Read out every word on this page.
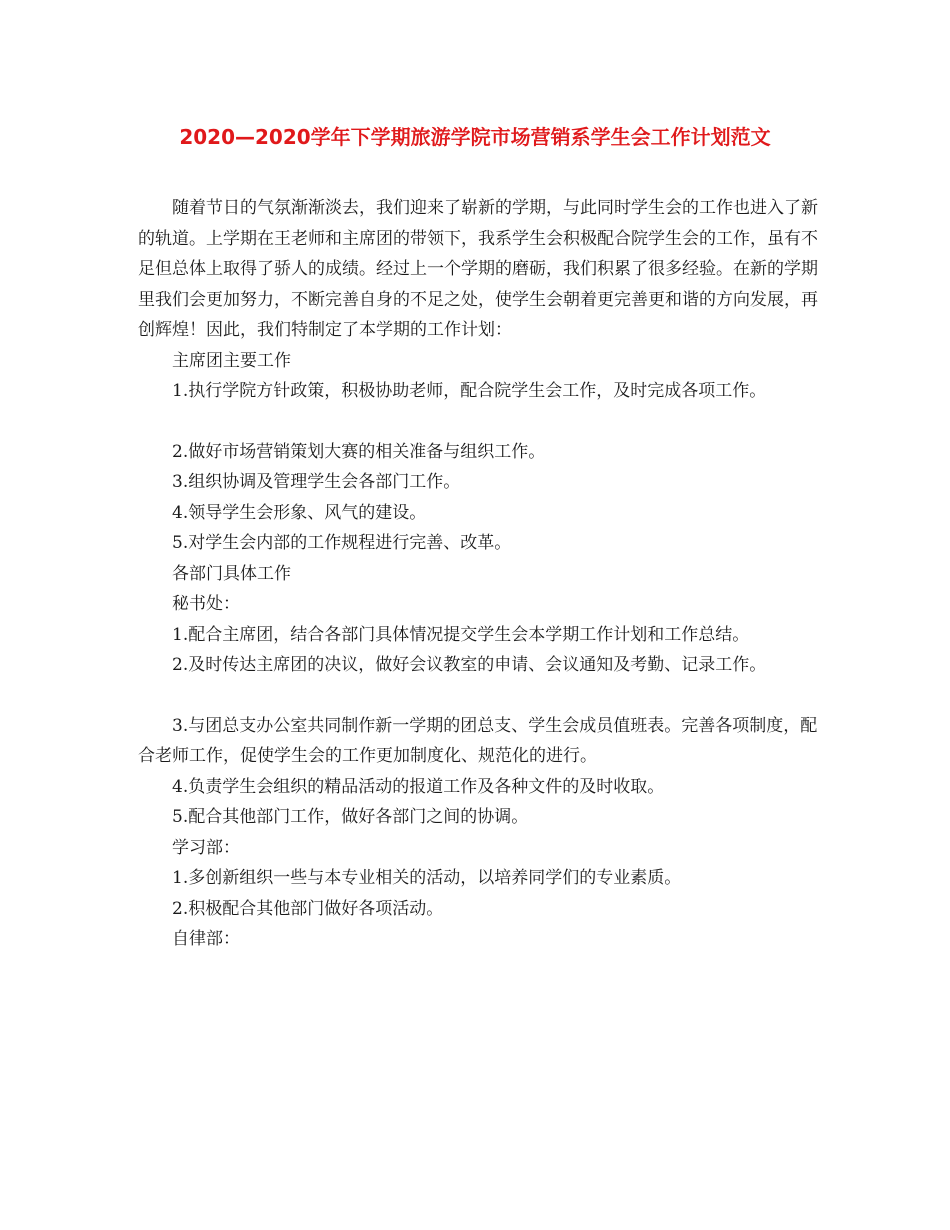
2020—2020学年下学期旅游学院市场营销系学生会工作计划范文

随着节日的气氛渐渐淡去，我们迎来了崭新的学期，与此同时学生会的工作也进入了新的轨道。上学期在王老师和主席团的带领下，我系学生会积极配合院学生会的工作，虽有不足但总体上取得了骄人的成绩。经过上一个学期的磨砺，我们积累了很多经验。在新的学期里我们会更加努力，不断完善自身的不足之处，使学生会朝着更完善更和谐的方向发展，再创辉煌！因此，我们特制定了本学期的工作计划：

主席团主要工作

1.执行学院方针政策，积极协助老师，配合院学生会工作，及时完成各项工作。

2.做好市场营销策划大赛的相关准备与组织工作。

3.组织协调及管理学生会各部门工作。

4.领导学生会形象、风气的建设。

5.对学生会内部的工作规程进行完善、改革。

各部门具体工作

秘书处：

1.配合主席团，结合各部门具体情况提交学生会本学期工作计划和工作总结。

2.及时传达主席团的决议，做好会议教室的申请、会议通知及考勤、记录工作。

3.与团总支办公室共同制作新一学期的团总支、学生会成员值班表。完善各项制度，配合老师工作，促使学生会的工作更加制度化、规范化的进行。

4.负责学生会组织的精品活动的报道工作及各种文件的及时收取。

5.配合其他部门工作，做好各部门之间的协调。

学习部：

1.多创新组织一些与本专业相关的活动，以培养同学们的专业素质。

2.积极配合其他部门做好各项活动。

自律部：
